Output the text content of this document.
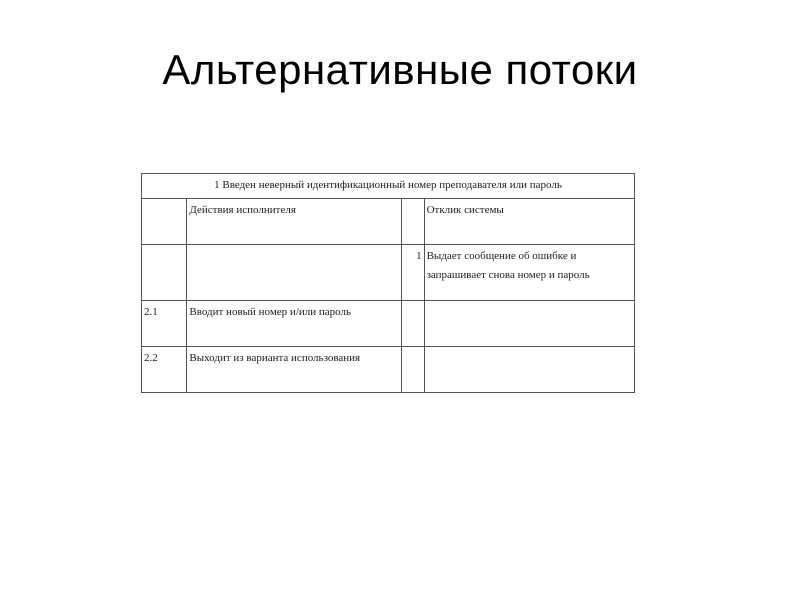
Альтернативные потоки
1 Введен неверный идентификационный номер преподавателя или пароль			
	Действия исполнителя		Отклик системы
		1	Выдает сообщение об ошибке и запрашивает снова номер и пароль
2.1	Вводит новый номер и/или пароль		
2.2	Выходит из варианта использования		
